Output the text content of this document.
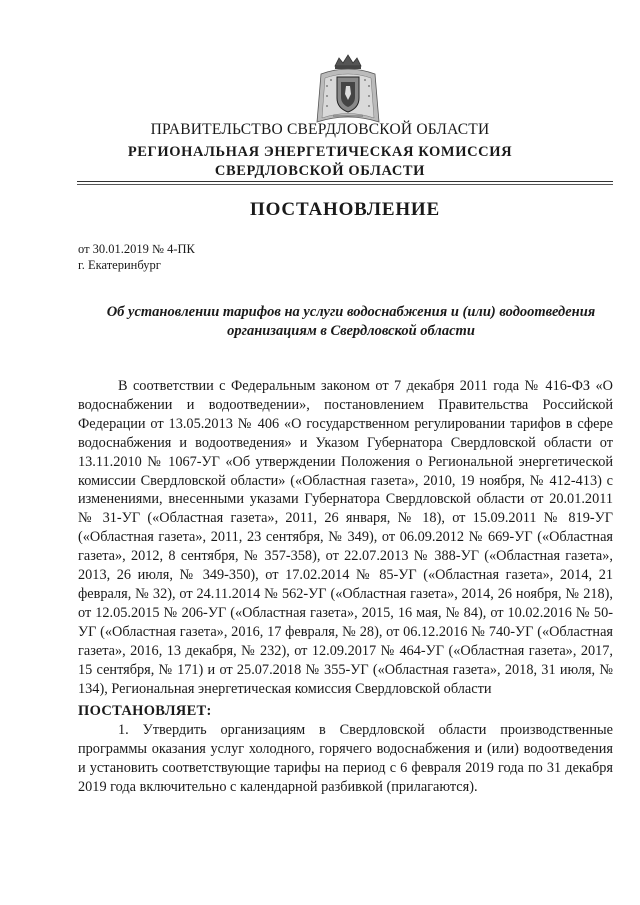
ПРАВИТЕЛЬСТВО СВЕРДЛОВСКОЙ ОБЛАСТИ
РЕГИОНАЛЬНАЯ ЭНЕРГЕТИЧЕСКАЯ КОМИССИЯ
СВЕРДЛОВСКОЙ ОБЛАСТИ
ПОСТАНОВЛЕНИЕ
от 30.01.2019 № 4-ПК
г. Екатеринбург
Об установлении тарифов на услуги водоснабжения и (или) водоотведения организациям в Свердловской области

В соответствии с Федеральным законом от 7 декабря 2011 года № 416-ФЗ «О водоснабжении и водоотведении», постановлением Правительства Российской Федерации от 13.05.2013 № 406 «О государственном регулировании тарифов в сфере водоснабжения и водоотведения» и Указом Губернатора Свердловской области от 13.11.2010 № 1067-УГ «Об утверждении Положения о Региональной энергетической комиссии Свердловской области» («Областная газета», 2010, 19 ноября, № 412-413) с изменениями, внесенными указами Губернатора Свердловской области от 20.01.2011 № 31-УГ («Областная газета», 2011, 26 января, № 18), от 15.09.2011 № 819-УГ («Областная газета», 2011, 23 сентября, № 349), от 06.09.2012 № 669-УГ («Областная газета», 2012, 8 сентября, № 357-358), от 22.07.2013 № 388-УГ («Областная газета», 2013, 26 июля, № 349-350), от 17.02.2014 № 85-УГ («Областная газета», 2014, 21 февраля, № 32), от 24.11.2014 № 562-УГ («Областная газета», 2014, 26 ноября, № 218), от 12.05.2015 № 206-УГ («Областная газета», 2015, 16 мая, № 84), от 10.02.2016 № 50-УГ («Областная газета», 2016, 17 февраля, № 28), от 06.12.2016 № 740-УГ («Областная газета», 2016, 13 декабря, № 232), от 12.09.2017 № 464-УГ («Областная газета», 2017, 15 сентября, № 171) и от 25.07.2018 № 355-УГ («Областная газета», 2018, 31 июля, № 134), Региональная энергетическая комиссия Свердловской области

ПОСТАНОВЛЯЕТ:

1. Утвердить организациям в Свердловской области производственные программы оказания услуг холодного, горячего водоснабжения и (или) водоотведения и установить соответствующие тарифы на период с 6 февраля 2019 года по 31 декабря 2019 года включительно с календарной разбивкой (прилагаются).
